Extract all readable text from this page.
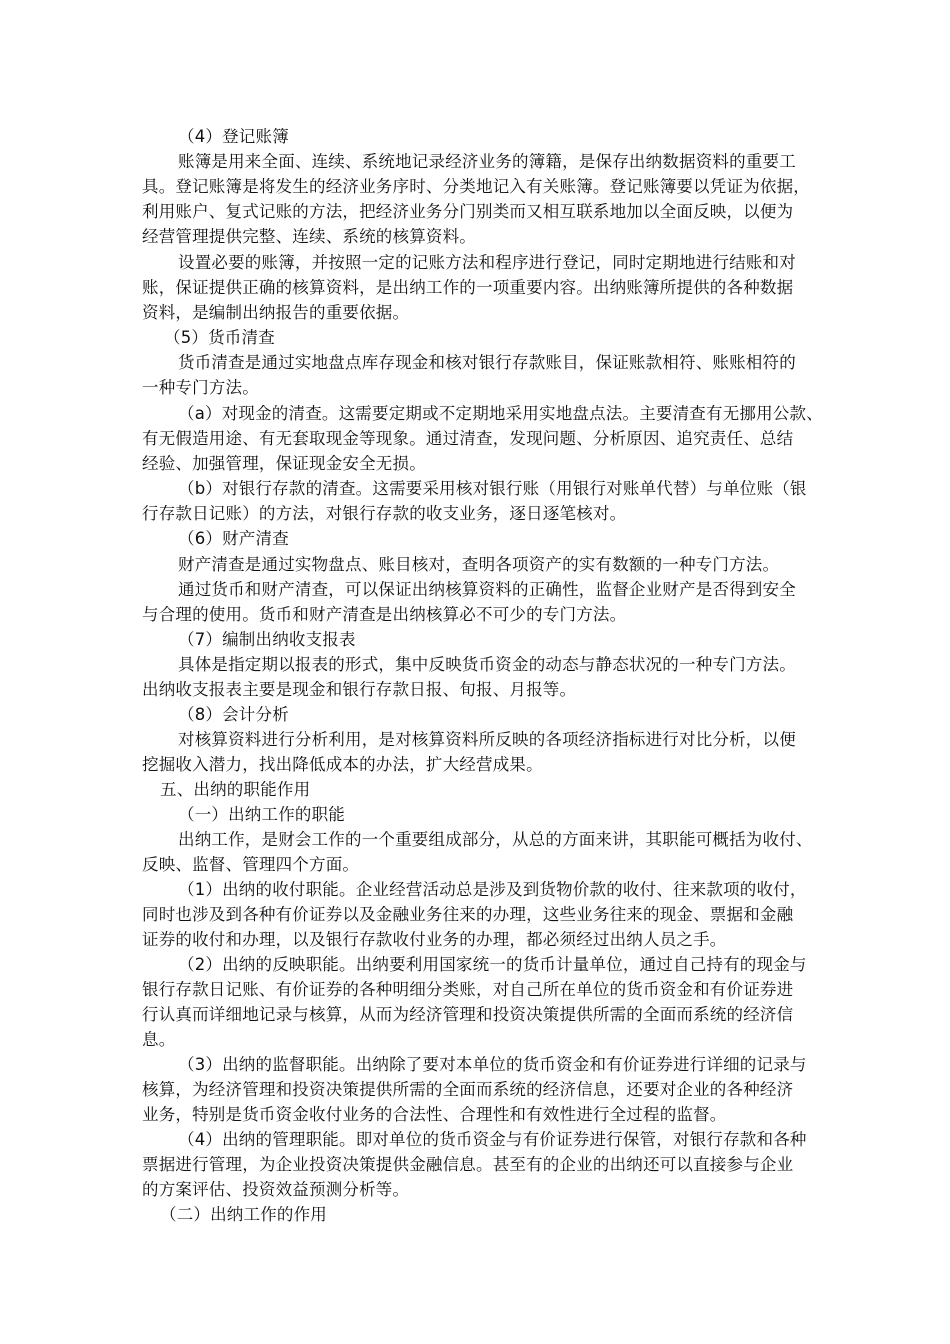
（4）登记账簿
账簿是用来全面、连续、系统地记录经济业务的簿籍，是保存出纳数据资料的重要工
具。登记账簿是将发生的经济业务序时、分类地记入有关账簿。登记账簿要以凭证为依据，
利用账户、复式记账的方法，把经济业务分门别类而又相互联系地加以全面反映，以便为
经营管理提供完整、连续、系统的核算资料。
设置必要的账簿，并按照一定的记账方法和程序进行登记，同时定期地进行结账和对
账，保证提供正确的核算资料，是出纳工作的一项重要内容。出纳账簿所提供的各种数据
资料，是编制出纳报告的重要依据。
（5）货币清查
货币清查是通过实地盘点库存现金和核对银行存款账目，保证账款相符、账账相符的
一种专门方法。
（a）对现金的清查。这需要定期或不定期地采用实地盘点法。主要清查有无挪用公款、
有无假造用途、有无套取现金等现象。通过清查，发现问题、分析原因、追究责任、总结
经验、加强管理，保证现金安全无损。
（b）对银行存款的清查。这需要采用核对银行账（用银行对账单代替）与单位账（银
行存款日记账）的方法，对银行存款的收支业务，逐日逐笔核对。
（6）财产清查
财产清查是通过实物盘点、账目核对，查明各项资产的实有数额的一种专门方法。
通过货币和财产清查，可以保证出纳核算资料的正确性，监督企业财产是否得到安全
与合理的使用。货币和财产清查是出纳核算必不可少的专门方法。
（7）编制出纳收支报表
具体是指定期以报表的形式，集中反映货币资金的动态与静态状况的一种专门方法。
出纳收支报表主要是现金和银行存款日报、旬报、月报等。
（8）会计分析
对核算资料进行分析利用，是对核算资料所反映的各项经济指标进行对比分析，以便
挖掘收入潜力，找出降低成本的办法，扩大经营成果。
五、出纳的职能作用
（一）出纳工作的职能
出纳工作，是财会工作的一个重要组成部分，从总的方面来讲，其职能可概括为收付、
反映、监督、管理四个方面。
（1）出纳的收付职能。企业经营活动总是涉及到货物价款的收付、往来款项的收付，
同时也涉及到各种有价证券以及金融业务往来的办理，这些业务往来的现金、票据和金融
证券的收付和办理，以及银行存款收付业务的办理，都必须经过出纳人员之手。
（2）出纳的反映职能。出纳要利用国家统一的货币计量单位，通过自己持有的现金与
银行存款日记账、有价证券的各种明细分类账，对自己所在单位的货币资金和有价证券进
行认真而详细地记录与核算，从而为经济管理和投资决策提供所需的全面而系统的经济信
息。
（3）出纳的监督职能。出纳除了要对本单位的货币资金和有价证券进行详细的记录与
核算，为经济管理和投资决策提供所需的全面而系统的经济信息，还要对企业的各种经济
业务，特别是货币资金收付业务的合法性、合理性和有效性进行全过程的监督。
（4）出纳的管理职能。即对单位的货币资金与有价证券进行保管，对银行存款和各种
票据进行管理，为企业投资决策提供金融信息。甚至有的企业的出纳还可以直接参与企业
的方案评估、投资效益预测分析等。
（二）出纳工作的作用
